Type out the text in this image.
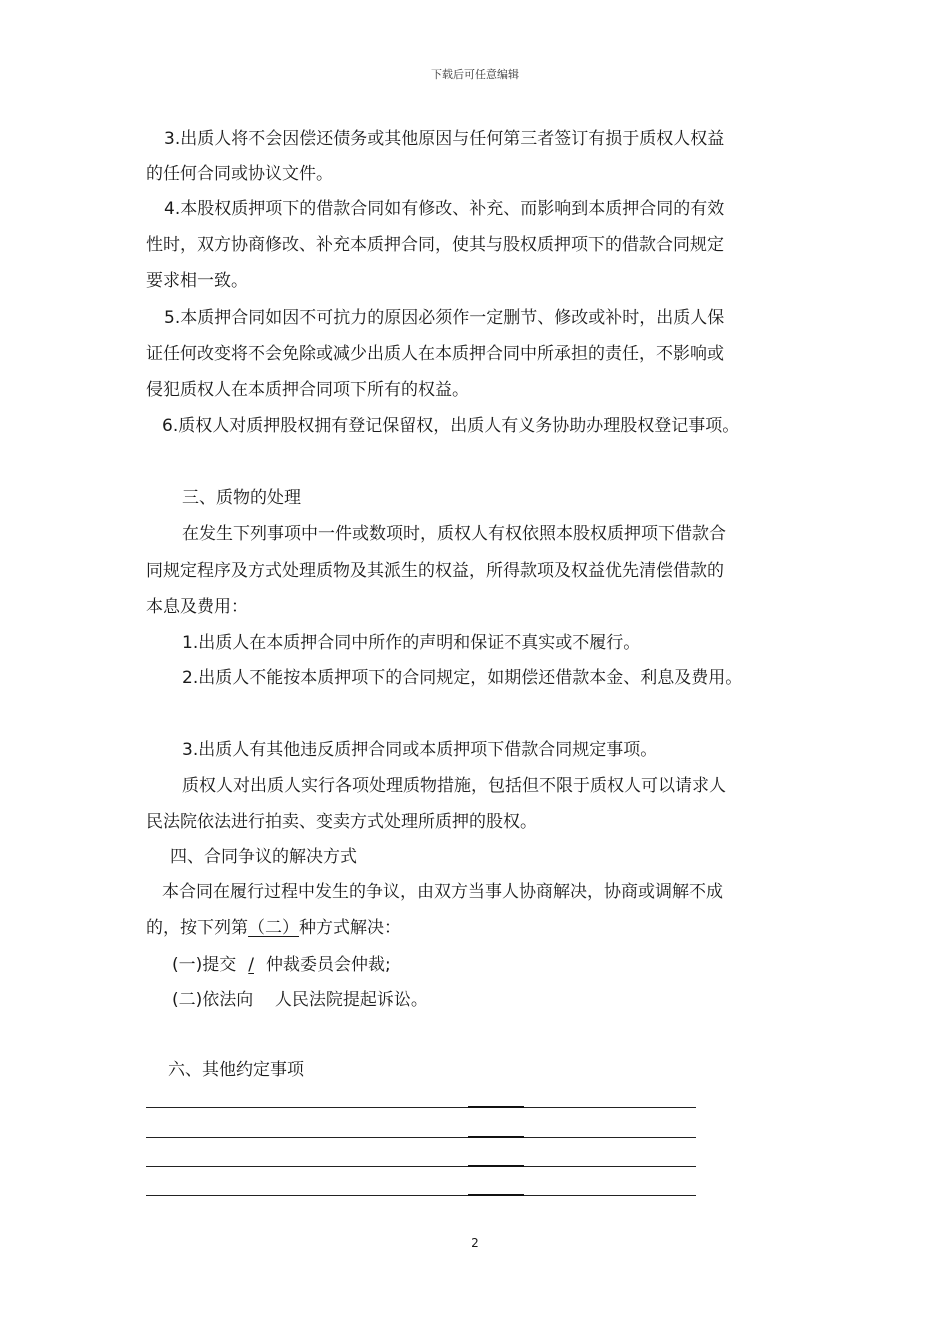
下载后可任意编辑
3.出质人将不会因偿还债务或其他原因与任何第三者签订有损于质权人权益
的任何合同或协议文件。
4.本股权质押项下的借款合同如有修改、补充、而影响到本质押合同的有效
性时，双方协商修改、补充本质押合同，使其与股权质押项下的借款合同规定
要求相一致。
5.本质押合同如因不可抗力的原因必须作一定删节、修改或补时，出质人保
证任何改变将不会免除或减少出质人在本质押合同中所承担的责任，不影响或
侵犯质权人在本质押合同项下所有的权益。
6.质权人对质押股权拥有登记保留权，出质人有义务协助办理股权登记事项。
三、质物的处理
在发生下列事项中一件或数项时，质权人有权依照本股权质押项下借款合
同规定程序及方式处理质物及其派生的权益，所得款项及权益优先清偿借款的
本息及费用：
1.出质人在本质押合同中所作的声明和保证不真实或不履行。
2.出质人不能按本质押项下的合同规定，如期偿还借款本金、利息及费用。
3.出质人有其他违反质押合同或本质押项下借款合同规定事项。
质权人对出质人实行各项处理质物措施，包括但不限于质权人可以请求人
民法院依法进行拍卖、变卖方式处理所质押的股权。
四、合同争议的解决方式
本合同在履行过程中发生的争议，由双方当事人协商解决，协商或调解不成
的，按下列第（二）种方式解决：
(一)提交 / 仲裁委员会仲裁;
(二)依法向    人民法院提起诉讼。
六、其他约定事项
2
